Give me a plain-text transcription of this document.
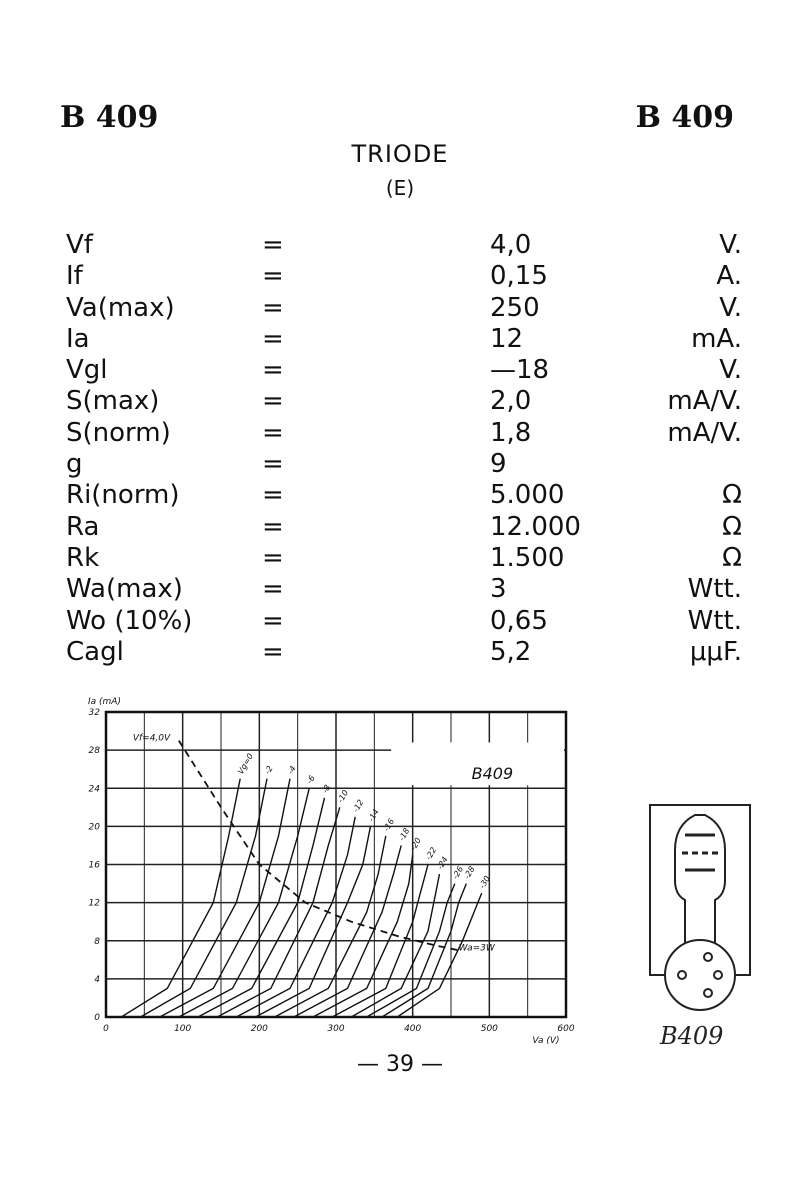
B 409	B 409
TRIODE
(E)
Vf	=	4,0	V.
If	=	0,15	A.
Va(max)	=	250	V.
Ia	=	12	mA.
Vgl	=	—18	V.
S(max)	=	2,0	mA/V.
S(norm)	=	1,8	mA/V.
g	=	9
Ri(norm)	=	5.000	Ω
Ra	=	12.000	Ω
Rk	=	1.500	Ω
Wa(max)	=	3	Wtt.
Wo (10%)	=	0,65	Wtt.
Cagl	=	5,2	μμF.
B409
0	100	200	300	400	500	600
0
4
8
12
16
20
24
28
32
Ia (mA)
Va (V)
Vg=0 -2 -4
-6
-8 -10
-12
-14
-16
-18
-20
-22
-24
-26
-28
-30
Wa=3W
Vf=4,0V
B409
— 39 —
